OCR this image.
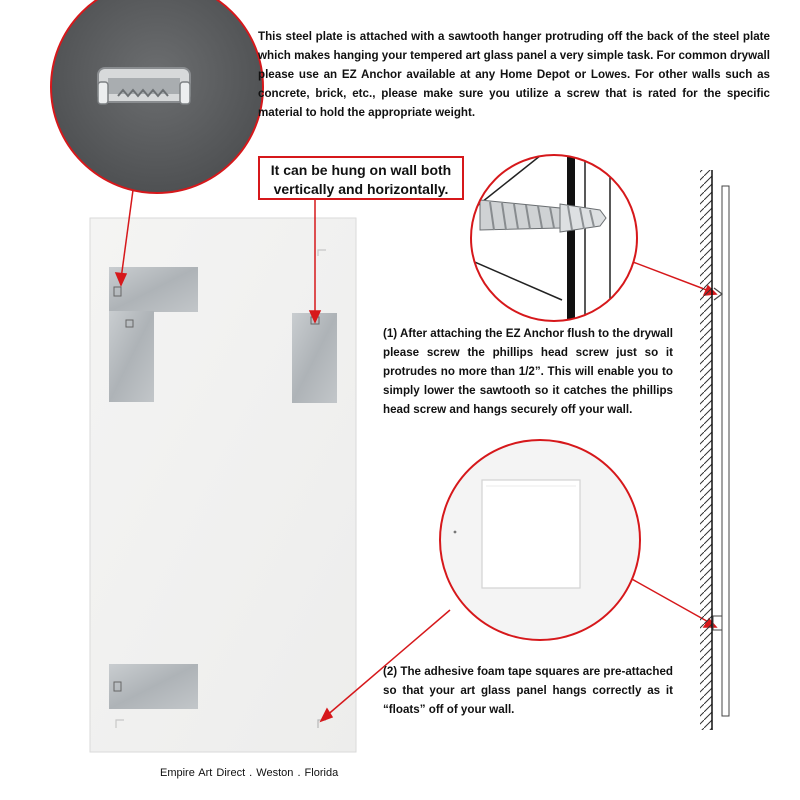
This steel plate is attached with a sawtooth hanger protruding off the back of the steel plate which makes hanging your tempered art glass panel a very simple task. For common drywall please use an EZ Anchor available at any Home Depot or Lowes. For other walls such as concrete, brick, etc., please make sure you utilize a screw that is rated for the specific material to hold the appropriate weight.
It can be hung on wall both vertically and horizontally.
(1) After attaching the EZ Anchor flush to the drywall please screw the phillips head screw just so it protrudes no more than 1/2”. This will enable you to simply lower the sawtooth so it catches the phillips head screw and hangs securely off your wall.
(2) The adhesive foam tape squares are pre-attached so that your art glass panel hangs correctly as it “floats” off of your wall.
Empire Art Direct . Weston . Florida
